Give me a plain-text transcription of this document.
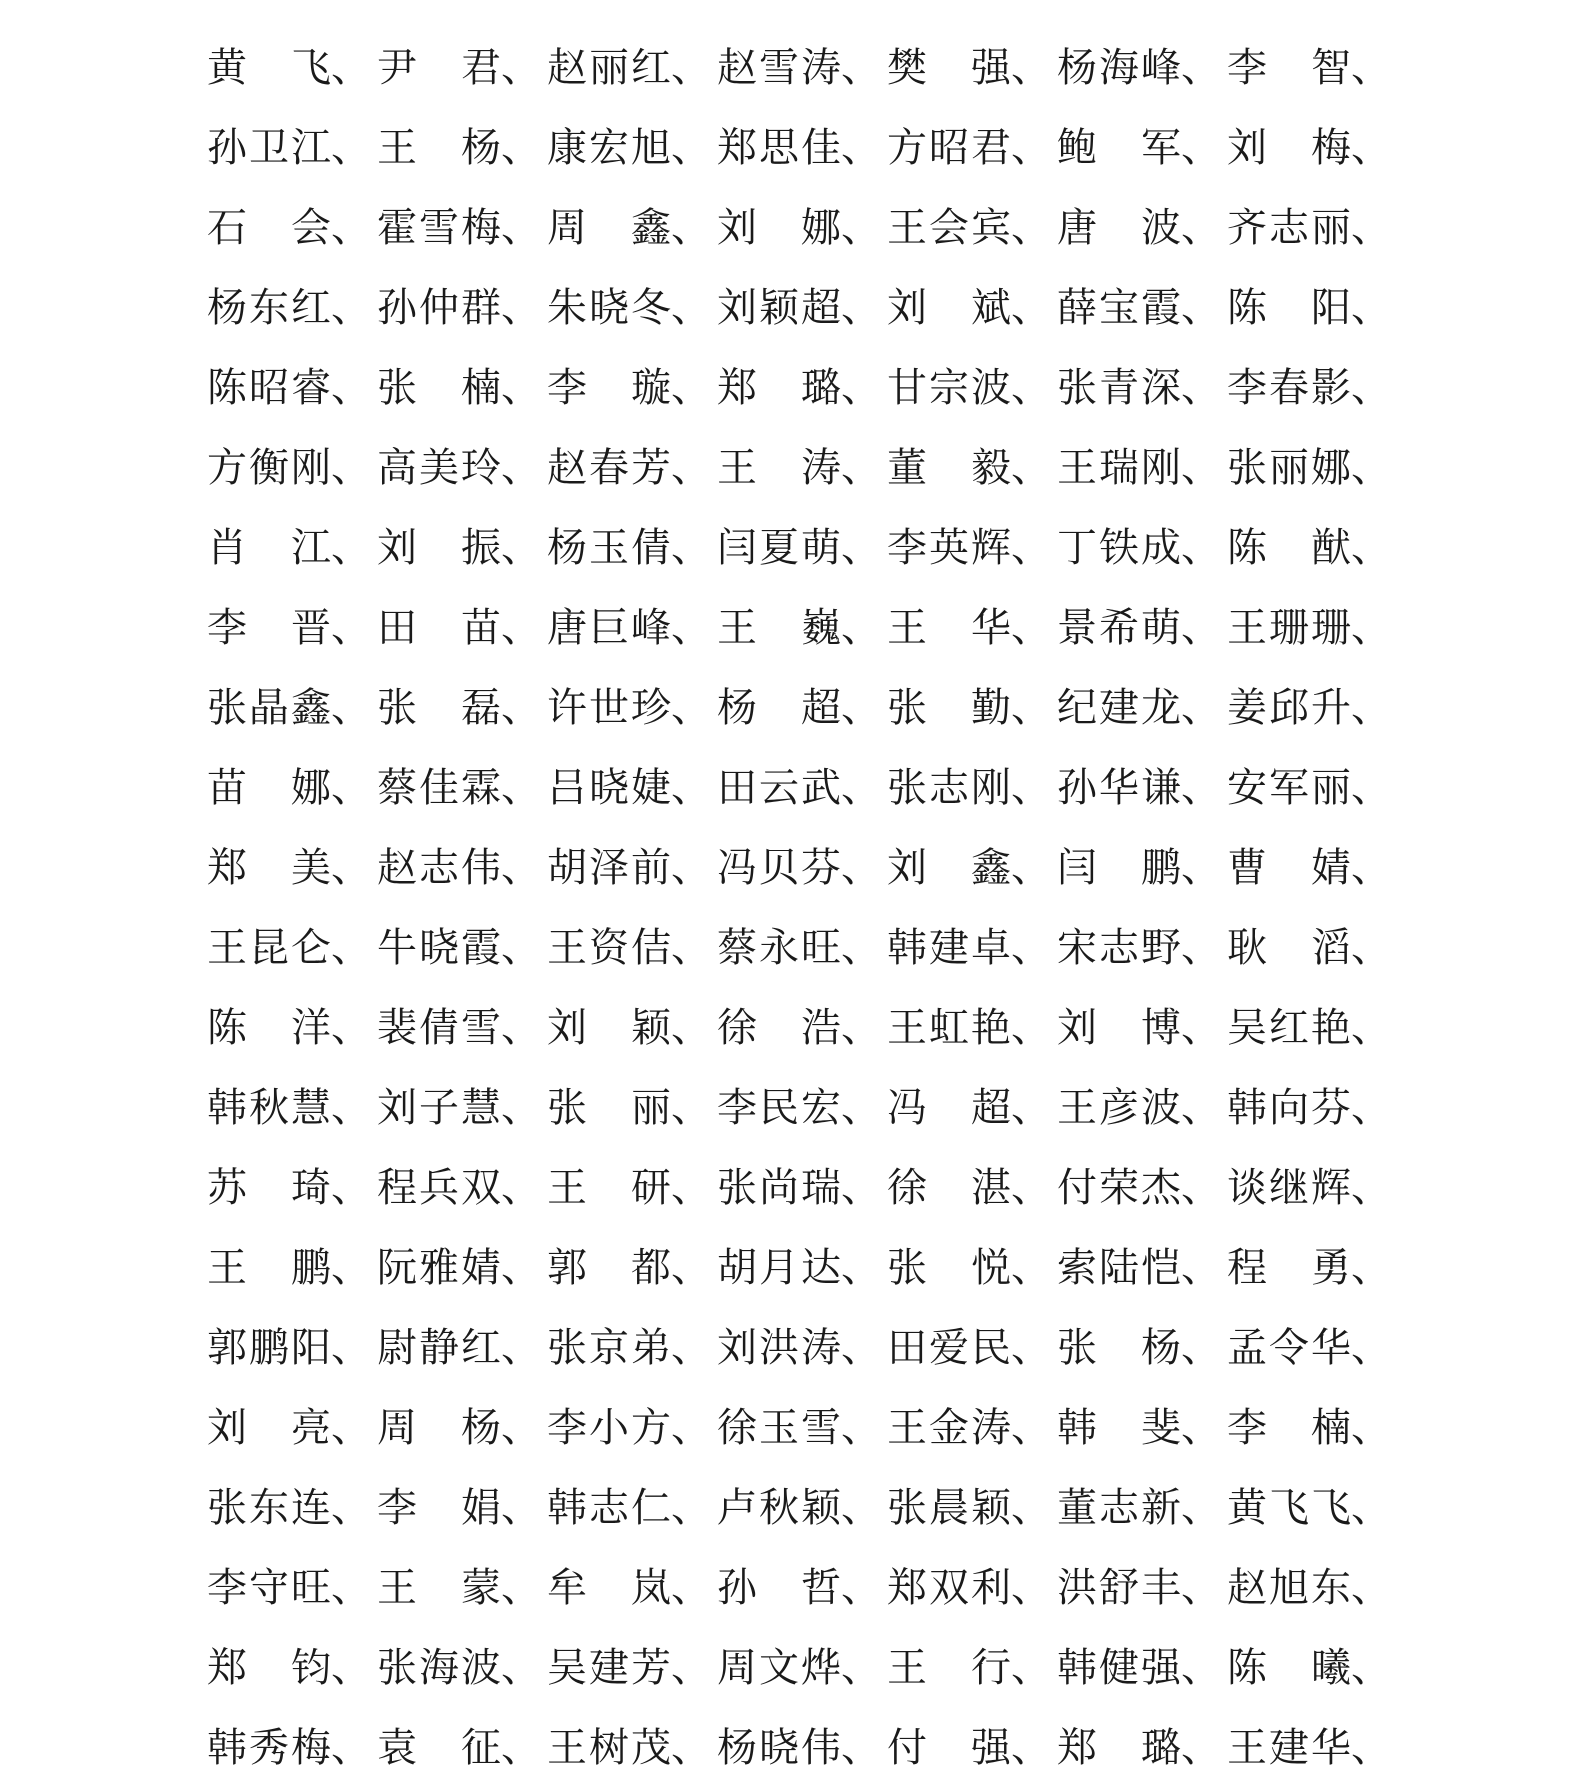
黄 飞 、 尹 君 、 赵 丽 红 、 赵 雪 涛 、 樊 强 、 杨 海 峰 、 李 智 、
孙 卫 江 、 王 杨 、 康 宏 旭 、 郑 思 佳 、 方 昭 君 、 鲍 军 、 刘 梅 、
石 会 、 霍 雪 梅 、 周 鑫 、 刘 娜 、 王 会 宾 、 唐 波 、 齐 志 丽 、
杨 东 红 、 孙 仲 群 、 朱 晓 冬 、 刘 颖 超 、 刘 斌 、 薛 宝 霞 、 陈 阳 、
陈 昭 睿 、 张 楠 、 李 璇 、 郑 璐 、 甘 宗 波 、 张 青 深 、 李 春 影 、
方 衡 刚 、 高 美 玲 、 赵 春 芳 、 王 涛 、 董 毅 、 王 瑞 刚 、 张 丽 娜 、
肖 江 、 刘 振 、 杨 玉 倩 、 闫 夏 萌 、 李 英 辉 、 丁 铁 成 、 陈 猷 、
李 晋 、 田 苗 、 唐 巨 峰 、 王 巍 、 王 华 、 景 希 萌 、 王 珊 珊 、
张 晶 鑫 、 张 磊 、 许 世 珍 、 杨 超 、 张 勤 、 纪 建 龙 、 姜 邱 升 、
苗 娜 、 蔡 佳 霖 、 吕 晓 婕 、 田 云 武 、 张 志 刚 、 孙 华 谦 、 安 军 丽 、
郑 美 、 赵 志 伟 、 胡 泽 前 、 冯 贝 芬 、 刘 鑫 、 闫 鹏 、 曹 婧 、
王 昆 仑 、 牛 晓 霞 、 王 资 佶 、 蔡 永 旺 、 韩 建 卓 、 宋 志 野 、 耿 滔 、
陈 洋 、 裴 倩 雪 、 刘 颖 、 徐 浩 、 王 虹 艳 、 刘 博 、 吴 红 艳 、
韩 秋 慧 、 刘 子 慧 、 张 丽 、 李 民 宏 、 冯 超 、 王 彦 波 、 韩 向 芬 、
苏 琦 、 程 兵 双 、 王 研 、 张 尚 瑞 、 徐 湛 、 付 荣 杰 、 谈 继 辉 、
王 鹏 、 阮 雅 婧 、 郭 都 、 胡 月 达 、 张 悦 、 索 陆 恺 、 程 勇 、
郭 鹏 阳 、 尉 静 红 、 张 京 弟 、 刘 洪 涛 、 田 爱 民 、 张 杨 、 孟 令 华 、
刘 亮 、 周 杨 、 李 小 方 、 徐 玉 雪 、 王 金 涛 、 韩 斐 、 李 楠 、
张 东 连 、 李 娟 、 韩 志 仁 、 卢 秋 颖 、 张 晨 颖 、 董 志 新 、 黄 飞 飞 、
李 守 旺 、 王 蒙 、 牟 岚 、 孙 哲 、 郑 双 利 、 洪 舒 丰 、 赵 旭 东 、
郑 钧 、 张 海 波 、 吴 建 芳 、 周 文 烨 、 王 行 、 韩 健 强 、 陈 曦 、
韩 秀 梅 、 袁 征 、 王 树 茂 、 杨 晓 伟 、 付 强 、 郑 璐 、 王 建 华 、
